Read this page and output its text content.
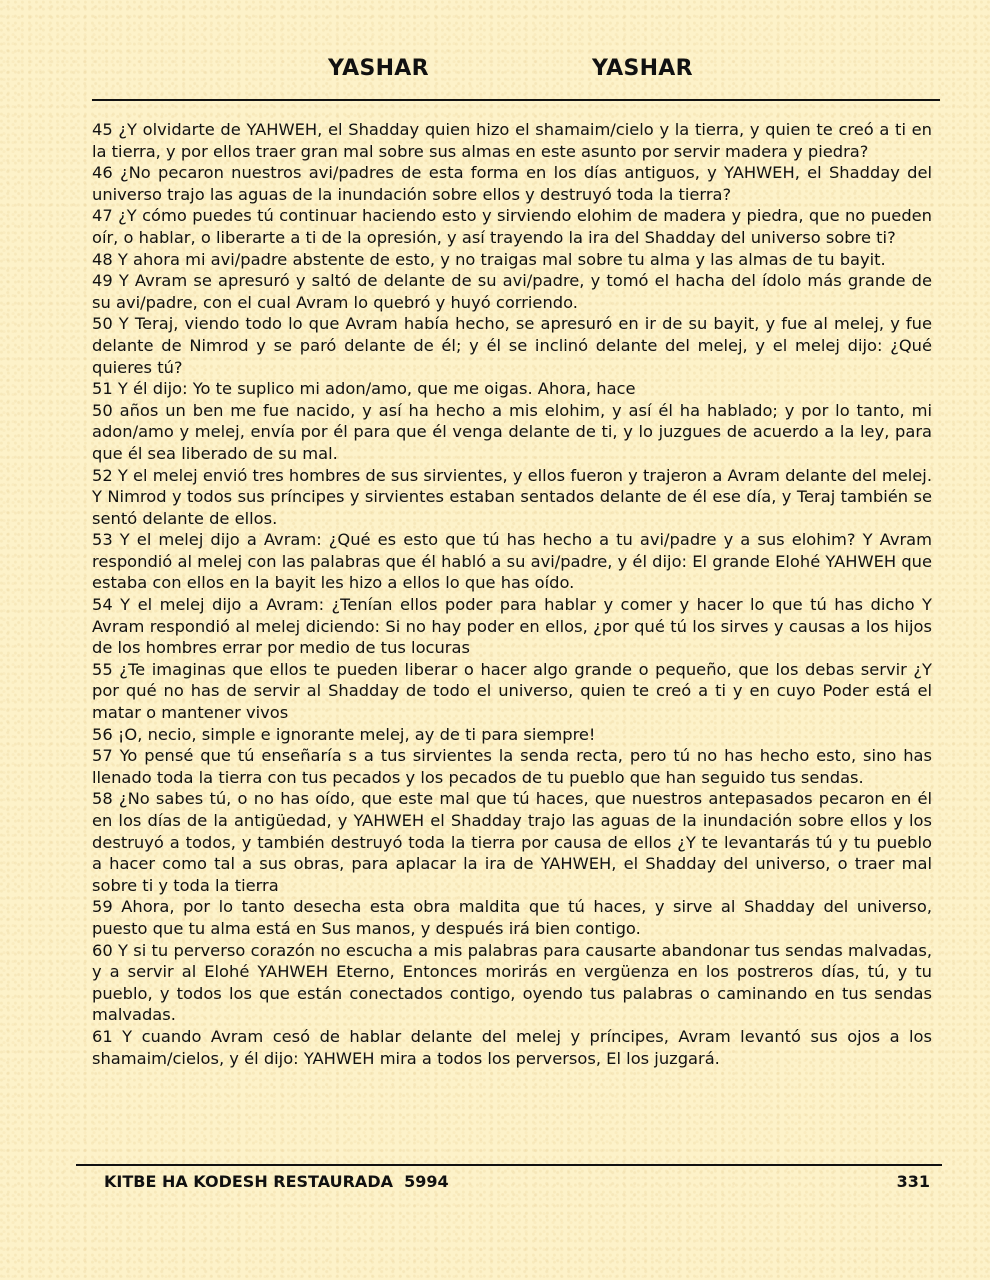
YASHAR	YASHAR

45 ¿Y olvidarte de YAHWEH, el Shadday quien hizo el shamaim/cielo y la tierra, y quien te creó a ti en la tierra, y por ellos traer gran mal sobre sus almas en este asunto por servir madera y piedra?

46 ¿No pecaron nuestros avi/padres de esta forma en los días antiguos, y YAHWEH, el Shadday del universo trajo las aguas de la inundación sobre ellos y destruyó toda la tierra?

47 ¿Y cómo puedes tú continuar haciendo esto y sirviendo elohim de madera y piedra, que no pueden oír, o hablar, o liberarte a ti de la opresión, y así trayendo la ira del Shadday del universo sobre ti?

48 Y ahora mi avi/padre abstente de esto, y no traigas mal sobre tu alma y las almas de tu bayit.

49 Y Avram se apresuró y saltó de delante de su avi/padre, y tomó el hacha del ídolo más grande de su avi/padre, con el cual Avram lo quebró y huyó corriendo.

50 Y Teraj, viendo todo lo que Avram había hecho, se apresuró en ir de su bayit, y fue al melej, y fue delante de Nimrod y se paró delante de él; y él se inclinó delante del melej, y el melej dijo: ¿Qué quieres tú?

51 Y él dijo: Yo te suplico mi adon/amo, que me oigas. Ahora, hace

50 años un ben me fue nacido, y así ha hecho a mis elohim, y así él ha hablado; y por lo tanto, mi adon/amo y melej, envía por él para que él venga delante de ti, y lo juzgues de acuerdo a la ley, para que él sea liberado de su mal.

52 Y el melej envió tres hombres de sus sirvientes, y ellos fueron y trajeron a Avram delante del melej. Y Nimrod y todos sus príncipes y sirvientes estaban sentados delante de él ese día, y Teraj también se sentó delante de ellos.

53 Y el melej dijo a Avram: ¿Qué es esto que tú has hecho a tu avi/padre y a sus elohim? Y Avram respondió al melej con las palabras que él habló a su avi/padre, y él dijo: El grande Elohé YAHWEH que estaba con ellos en la bayit les hizo a ellos lo que has oído.

54 Y el melej dijo a Avram: ¿Tenían ellos poder para hablar y comer y hacer lo que tú has dicho Y Avram respondió al melej diciendo: Si no hay poder en ellos, ¿por qué tú los sirves y causas a los hijos de los hombres errar por medio de tus locuras

55 ¿Te imaginas que ellos te pueden liberar o hacer algo grande o pequeño, que los debas servir ¿Y por qué no has de servir al Shadday de todo el universo, quien te creó a ti y en cuyo Poder está el matar o mantener vivos

56 ¡O, necio, simple e ignorante melej, ay de ti para siempre!

57 Yo pensé que tú enseñaría s a tus sirvientes la senda recta, pero tú no has hecho esto, sino has llenado toda la tierra con tus pecados y los pecados de tu pueblo que han seguido tus sendas.

58 ¿No sabes tú, o no has oído, que este mal que tú haces, que nuestros antepasados pecaron en él en los días de la antigüedad, y YAHWEH el Shadday trajo las aguas de la inundación sobre ellos y los destruyó a todos, y también destruyó toda la tierra por causa de ellos ¿Y te levantarás tú y tu pueblo a hacer como tal a sus obras, para aplacar la ira de YAHWEH, el Shadday del universo, o traer mal sobre ti y toda la tierra

59 Ahora, por lo tanto desecha esta obra maldita que tú haces, y sirve al Shadday del universo, puesto que tu alma está en Sus manos, y después irá bien contigo.

60 Y si tu perverso corazón no escucha a mis palabras para causarte abandonar tus sendas malvadas, y a servir al Elohé YAHWEH Eterno, Entonces morirás en vergüenza en los postreros días, tú, y tu pueblo, y todos los que están conectados contigo, oyendo tus palabras o caminando en tus sendas malvadas.

61 Y cuando Avram cesó de hablar delante del melej y príncipes, Avram levantó sus ojos a los shamaim/cielos, y él dijo: YAHWEH mira a todos los perversos, El los juzgará.

KITBE HA KODESH RESTAURADA  5994	331
